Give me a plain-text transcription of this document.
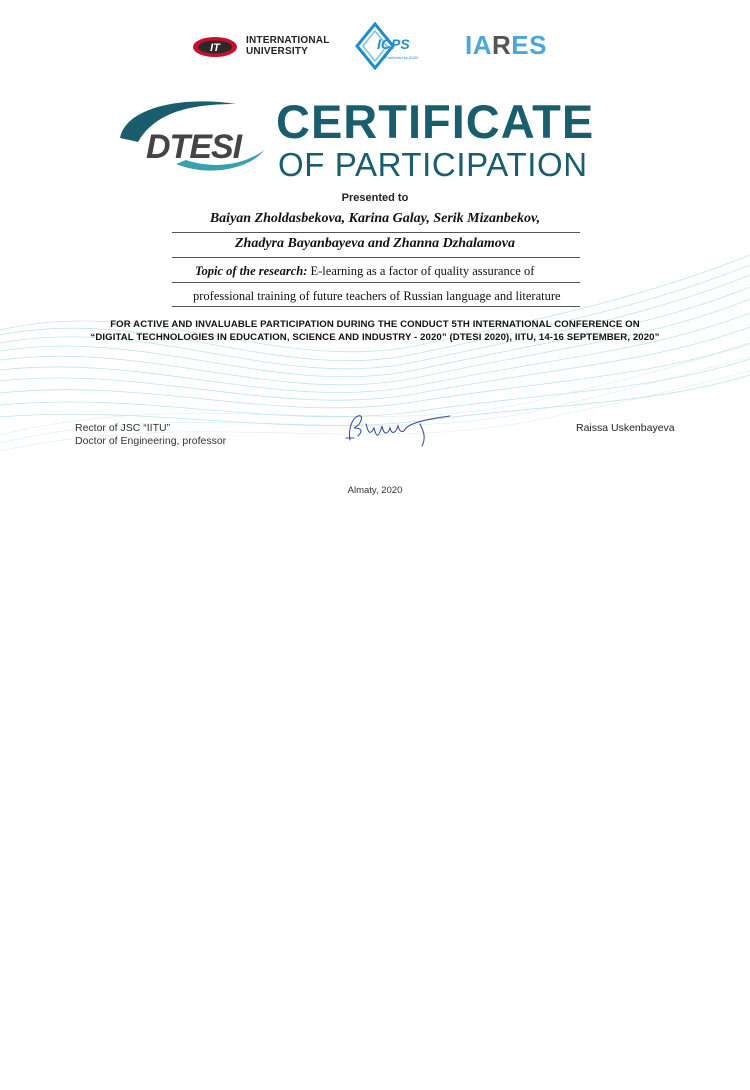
IT
INTERNATIONAL
UNIVERSITY	ICPS
Published by ACM IARES
DTESI CERTIFICATE
OF PARTICIPATION
Presented to
Baiyan Zholdasbekova, Karina Galay, Serik Mizanbekov,
Zhadyra Bayanbayeva and Zhanna Dzhalamova
Topic of the research: E-learning as a factor of quality assurance of
professional training of future teachers of Russian language and literature
FOR ACTIVE AND INVALUABLE PARTICIPATION DURING THE CONDUCT 5TH INTERNATIONAL CONFERENCE ON
“DIGITAL TECHNOLOGIES IN EDUCATION, SCIENCE AND INDUSTRY - 2020” (DTESI 2020), IITU, 14-16 SEPTEMBER, 2020”
Rector of JSC “IITU”
Doctor of Engineering, professor
Raissa Uskenbayeva
Almaty, 2020
